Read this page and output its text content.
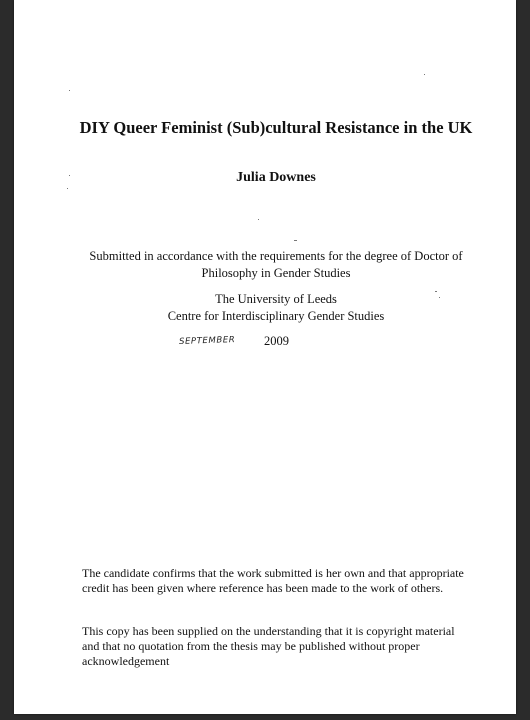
DIY Queer Feminist (Sub)cultural Resistance in the UK
Julia Downes
Submitted in accordance with the requirements for the degree of Doctor of Philosophy in Gender Studies
The University of Leeds
Centre for Interdisciplinary Gender Studies
SEPTEMBER 2009
The candidate confirms that the work submitted is her own and that appropriate credit has been given where reference has been made to the work of others.
This copy has been supplied on the understanding that it is copyright material and that no quotation from the thesis may be published without proper acknowledgement
